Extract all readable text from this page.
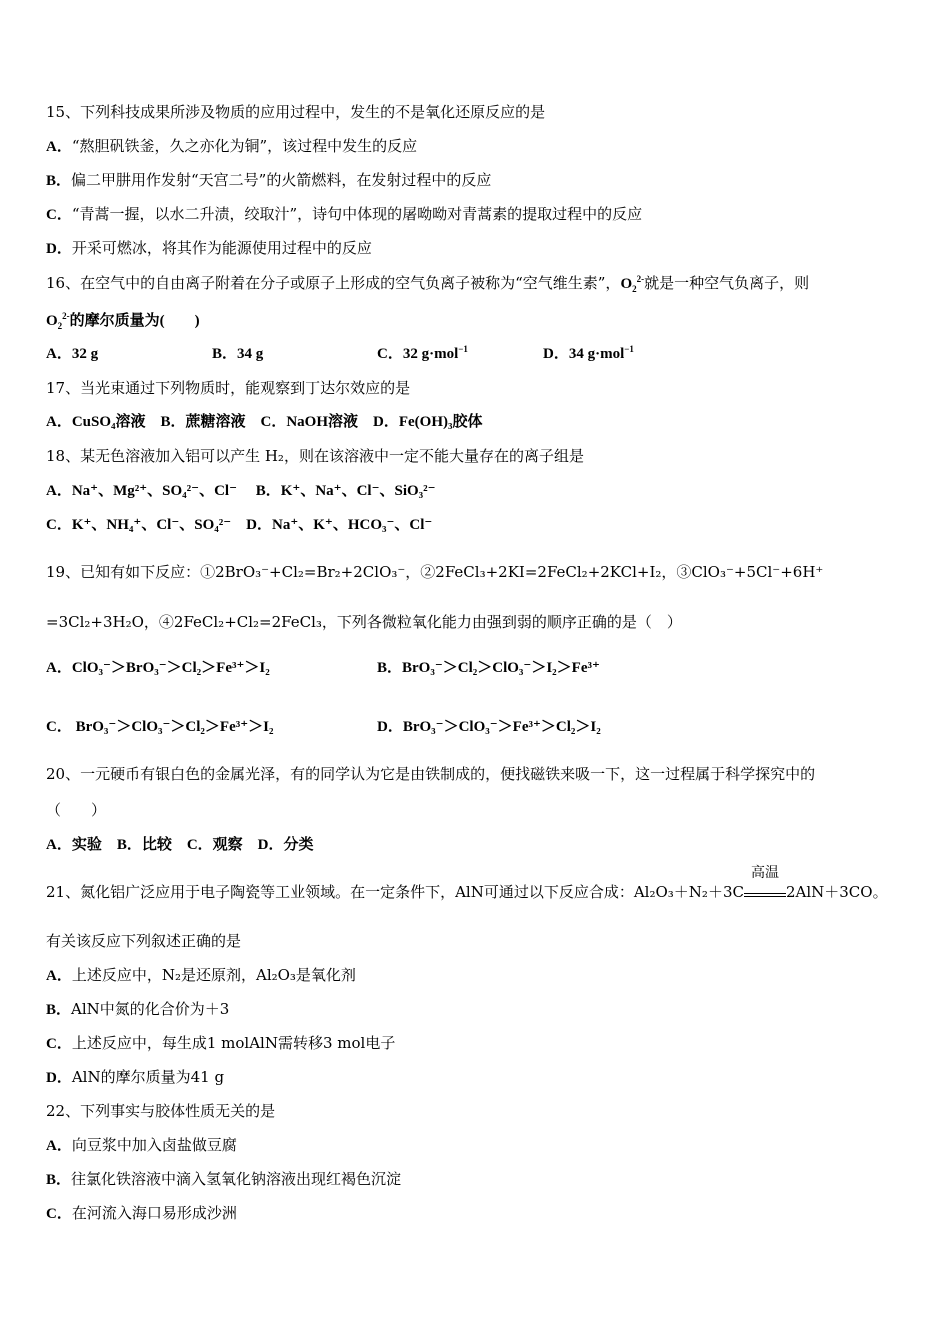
15、下列科技成果所涉及物质的应用过程中，发生的不是氧化还原反应的是
A．“熬胆矾铁釜，久之亦化为铜”，该过程中发生的反应
B．偏二甲肼用作发射“天宫二号”的火箭燃料，在发射过程中的反应
C．“青蒿一握，以水二升渍，绞取汁”，诗句中体现的屠呦呦对青蒿素的提取过程中的反应
D．开采可燃冰，将其作为能源使用过程中的反应
16、在空气中的自由离子附着在分子或原子上形成的空气负离子被称为“空气维生素”，$O_2^{2-}$就是一种空气负离子，则
$O_2^{2-}$的摩尔质量为(　　)
A．32 g	B．34 g	C．32 g·mol$^{-1}$	D．34 g·mol$^{-1}$
17、当光束通过下列物质时，能观察到丁达尔效应的是
A．CuSO₄溶液　B．蔗糖溶液　C．NaOH溶液　D．Fe(OH)₃胶体
18、某无色溶液加入铝可以产生 H₂，则在该溶液中一定不能大量存在的离子组是
A．Na⁺、Mg²⁺、SO₄²⁻、Cl⁻　 B．K⁺、Na⁺、Cl⁻、SiO₃²⁻
C．K⁺、NH₄⁺、Cl⁻、SO₄²⁻　D．Na⁺、K⁺、HCO₃⁻、Cl⁻
19、已知有如下反应：①2BrO₃⁻+Cl₂=Br₂+2ClO₃⁻，②2FeCl₃+2KI=2FeCl₂+2KCl+I₂，③ClO₃⁻+5Cl⁻+6H⁺
=3Cl₂+3H₂O，④2FeCl₂+Cl₂=2FeCl₃，下列各微粒氧化能力由强到弱的顺序正确的是（　）
A．ClO₃⁻＞BrO₃⁻＞Cl₂＞Fe³⁺＞I₂	B．BrO₃⁻＞Cl₂＞ClO₃⁻＞I₂＞Fe³⁺
C． BrO₃⁻＞ClO₃⁻＞Cl₂＞Fe³⁺＞I₂	D．BrO₃⁻＞ClO₃⁻＞Fe³⁺＞Cl₂＞I₂
20、一元硬币有银白色的金属光泽，有的同学认为它是由铁制成的，便找磁铁来吸一下，这一过程属于科学探究中的
（　　）
A．实验　B．比较　C．观察　D．分类
21、氮化铝广泛应用于电子陶瓷等工业领域。在一定条件下，AlN可通过以下反应合成：Al₂O₃＋N₂＋3C
高温
2AlN＋3CO。
有关该反应下列叙述正确的是
A．上述反应中，N₂是还原剂，Al₂O₃是氧化剂
B．AlN中氮的化合价为＋3
C．上述反应中，每生成1 molAlN需转移3 mol电子
D．AlN的摩尔质量为41 g
22、下列事实与胶体性质无关的是
A．向豆浆中加入卤盐做豆腐
B．往氯化铁溶液中滴入氢氧化钠溶液出现红褐色沉淀
C．在河流入海口易形成沙洲
